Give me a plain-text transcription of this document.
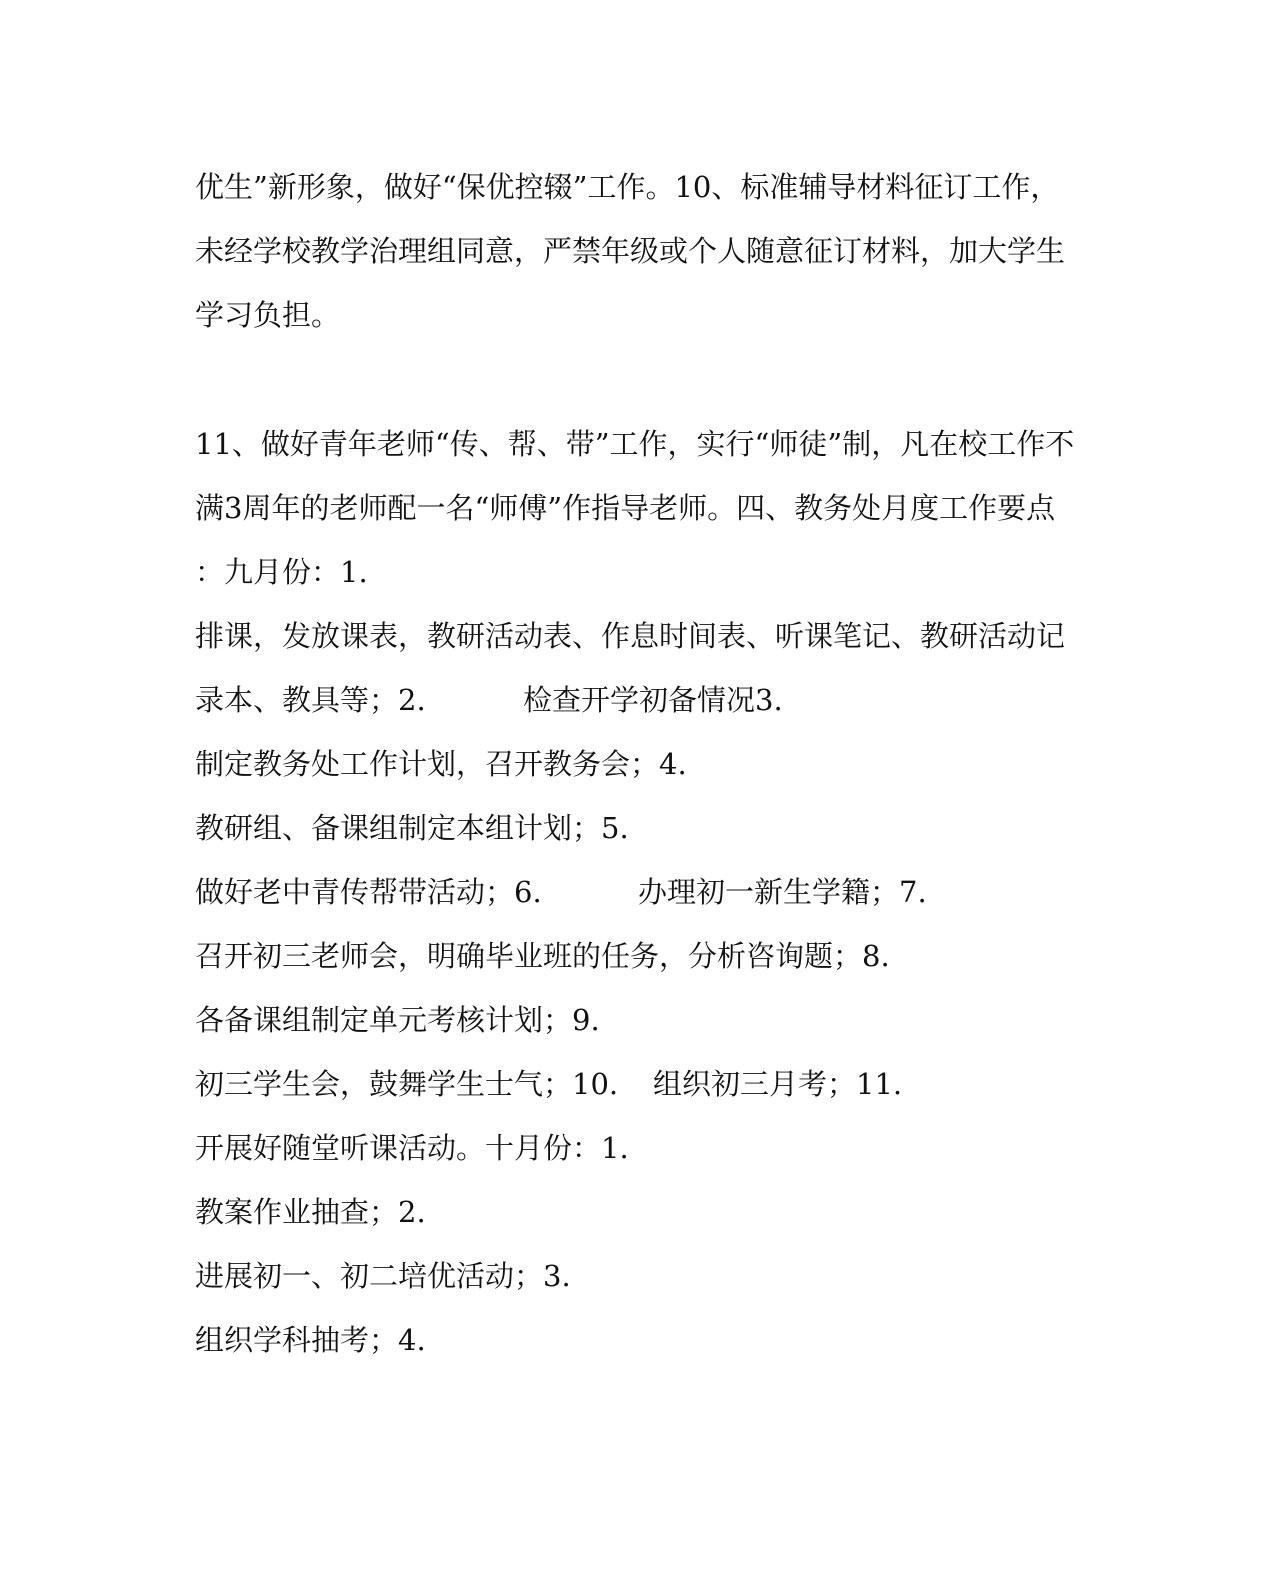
优生”新形象，做好“保优控辍”工作。10、标准辅导材料征订工作，
未经学校教学治理组同意，严禁年级或个人随意征订材料，加大学生
学习负担。
11、做好青年老师“传、帮、带”工作，实行“师徒”制，凡在校工作不
满3周年的老师配一名“师傅”作指导老师。四、教务处月度工作要点
：九月份：1.
排课，发放课表，教研活动表、作息时间表、听课笔记、教研活动记
录本、教具等；2.	检查开学初备情况3.
制定教务处工作计划，召开教务会；4.
教研组、备课组制定本组计划；5.
做好老中青传帮带活动；6.	办理初一新生学籍；7.
召开初三老师会，明确毕业班的任务，分析咨询题；8.
各备课组制定单元考核计划；9.
初三学生会，鼓舞学生士气；10. 组织初三月考；11.
开展好随堂听课活动。十月份：1.
教案作业抽查；2.
进展初一、初二培优活动；3.
组织学科抽考；4.
